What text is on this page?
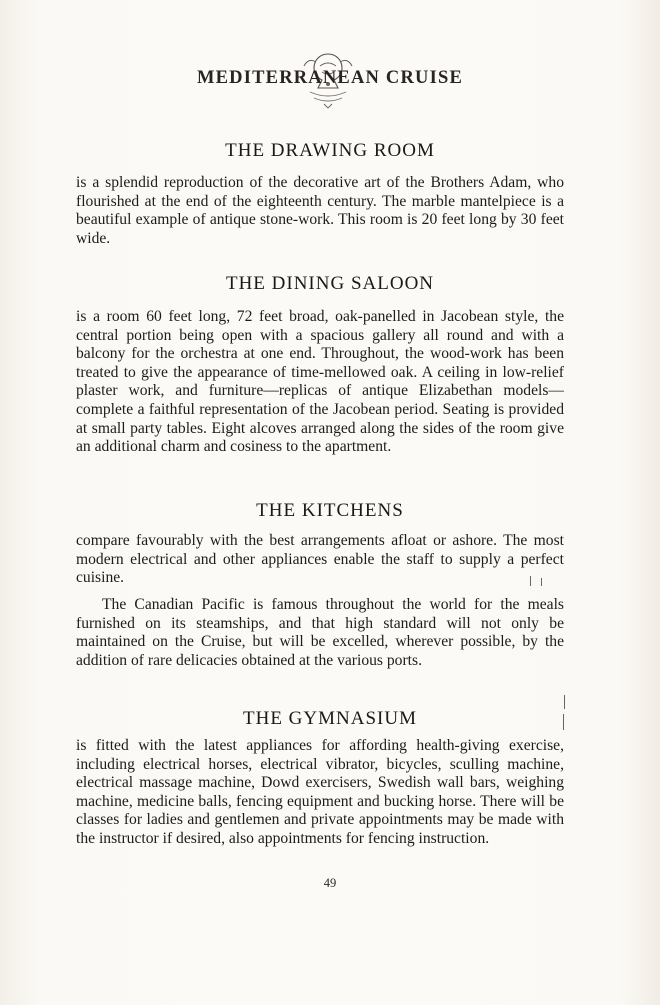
MEDITERRANEAN CRUISE
THE DRAWING ROOM

is a splendid reproduction of the decorative art of the Brothers Adam, who flourished at the end of the eighteenth century. The marble mantelpiece is a beautiful example of antique stone-work. This room is 20 feet long by 30 feet wide.

THE DINING SALOON

is a room 60 feet long, 72 feet broad, oak-panelled in Jacobean style, the central portion being open with a spacious gallery all round and with a balcony for the orchestra at one end. Throughout, the wood-work has been treated to give the appearance of time-mellowed oak. A ceiling in low-relief plaster work, and furniture—replicas of antique Elizabethan models—complete a faithful representation of the Jacobean period. Seating is provided at small party tables. Eight alcoves arranged along the sides of the room give an additional charm and cosiness to the apartment.

THE KITCHENS

compare favourably with the best arrangements afloat or ashore. The most modern electrical and other appliances enable the staff to supply a perfect cuisine.

The Canadian Pacific is famous throughout the world for the meals furnished on its steamships, and that high standard will not only be maintained on the Cruise, but will be excelled, wherever possible, by the addition of rare delicacies obtained at the various ports.

THE GYMNASIUM

is fitted with the latest appliances for affording health-giving exercise, including electrical horses, electrical vibrator, bicycles, sculling machine, electrical massage machine, Dowd exercisers, Swedish wall bars, weighing machine, medicine balls, fencing equipment and bucking horse. There will be classes for ladies and gentlemen and private appointments may be made with the instructor if desired, also appointments for fencing instruction.

49
